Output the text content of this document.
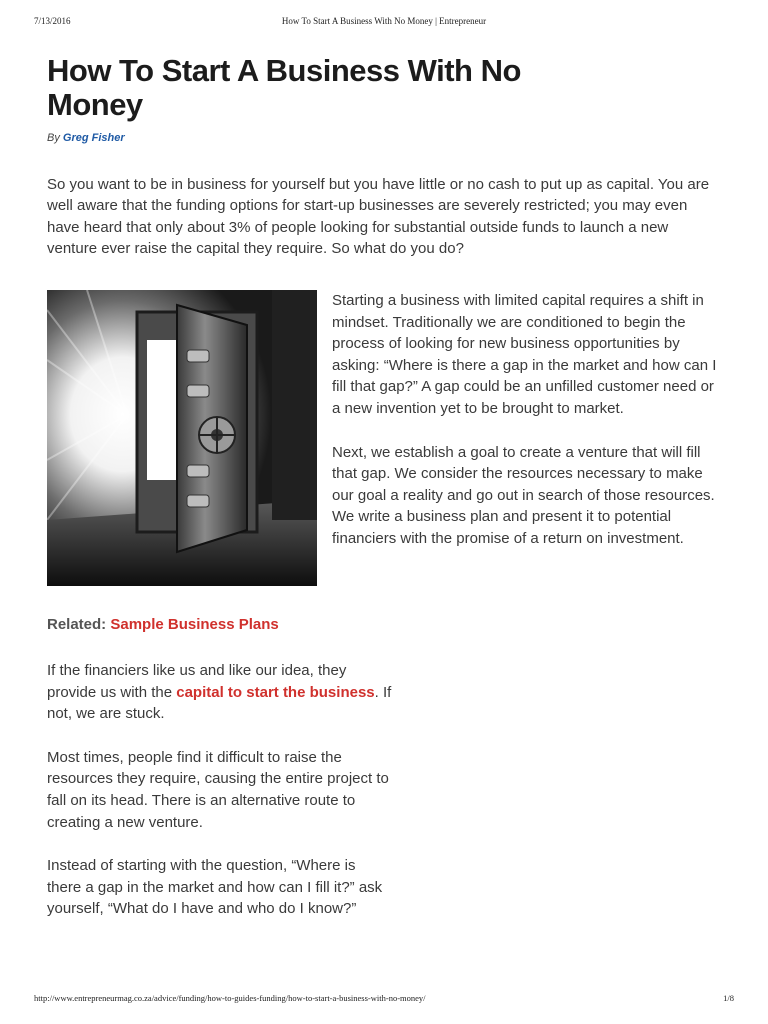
7/13/2016	How To Start A Business With No Money | Entrepreneur
How To Start A Business With No Money
By Greg Fisher

So you want to be in business for yourself but you have little or no cash to put up as capital. You are well aware that the funding options for start-up businesses are severely restricted; you may even have heard that only about 3% of people looking for substantial outside funds to launch a new venture ever raise the capital they require. So what do you do?

Starting a business with limited capital requires a shift in mindset. Traditionally we are conditioned to begin the process of looking for new business opportunities by asking: “Where is there a gap in the market and how can I fill that gap?” A gap could be an unfilled customer need or a new invention yet to be brought to market.

Next, we establish a goal to create a venture that will fill that gap. We consider the resources necessary to make our goal a reality and go out in search of those resources. We write a business plan and present it to potential financiers with the promise of a return on investment.

Related: Sample Business Plans

If the financiers like us and like our idea, they provide us with the capital to start the business. If not, we are stuck.

Most times, people find it difficult to raise the resources they require, causing the entire project to fall on its head. There is an alternative route to creating a new venture.

Instead of starting with the question, “Where is there a gap in the market and how can I fill it?” ask yourself, “What do I have and who do I know?”

http://www.entrepreneurmag.co.za/advice/funding/how-to-guides-funding/how-to-start-a-business-with-no-money/	1/8
